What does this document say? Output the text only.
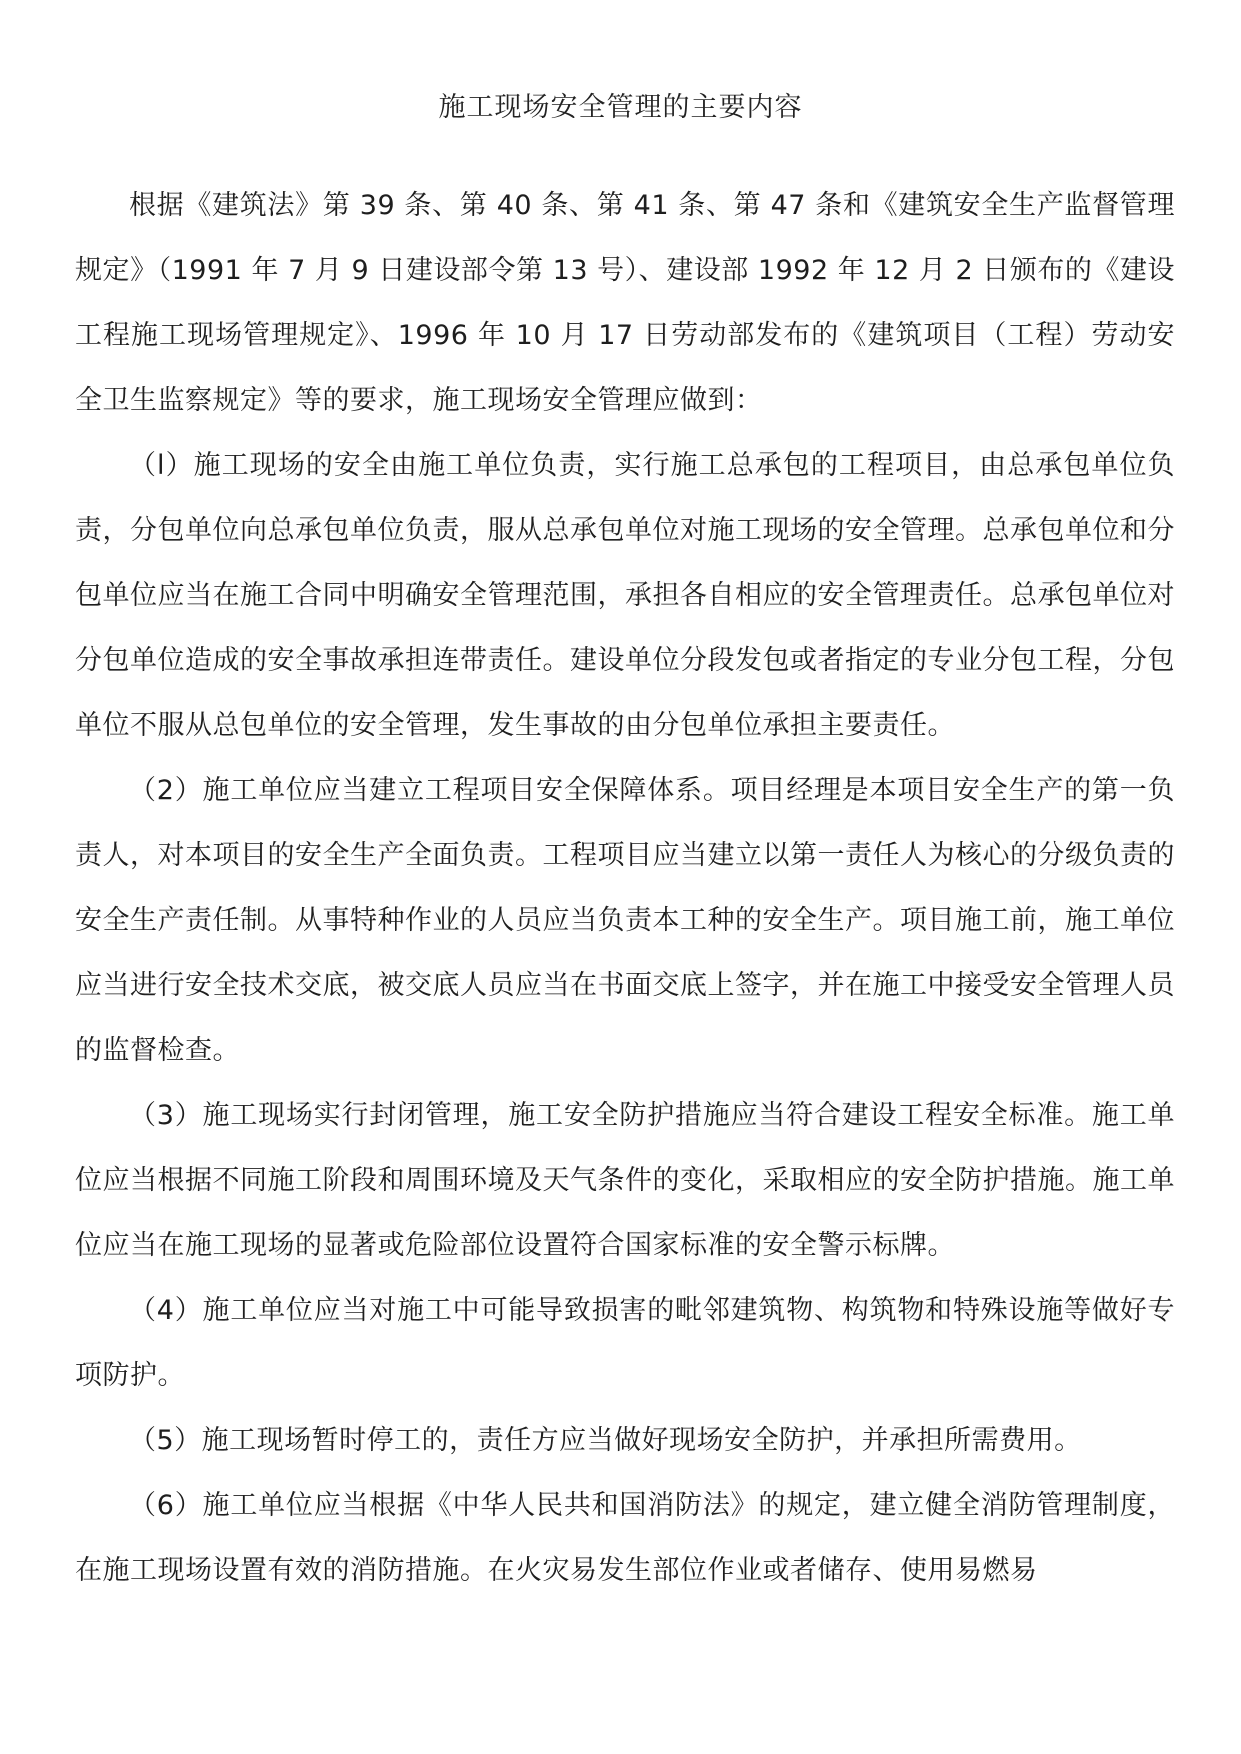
施工现场安全管理的主要内容

根据《建筑法》第 39 条、第 40 条、第 41 条、第 47 条和《建筑安全生产监督管理规定》（1991 年 7 月 9 日建设部令第 13 号）、建设部 1992 年 12 月 2 日颁布的《建设工程施工现场管理规定》、1996 年 10 月 17 日劳动部发布的《建筑项目（工程）劳动安全卫生监察规定》等的要求，施工现场安全管理应做到：

（l）施工现场的安全由施工单位负责，实行施工总承包的工程项目，由总承包单位负责，分包单位向总承包单位负责，服从总承包单位对施工现场的安全管理。总承包单位和分包单位应当在施工合同中明确安全管理范围，承担各自相应的安全管理责任。总承包单位对分包单位造成的安全事故承担连带责任。建设单位分段发包或者指定的专业分包工程，分包单位不服从总包单位的安全管理，发生事故的由分包单位承担主要责任。

（2）施工单位应当建立工程项目安全保障体系。项目经理是本项目安全生产的第一负责人，对本项目的安全生产全面负责。工程项目应当建立以第一责任人为核心的分级负责的安全生产责任制。从事特种作业的人员应当负责本工种的安全生产。项目施工前，施工单位应当进行安全技术交底，被交底人员应当在书面交底上签字，并在施工中接受安全管理人员的监督检查。

（3）施工现场实行封闭管理，施工安全防护措施应当符合建设工程安全标准。施工单位应当根据不同施工阶段和周围环境及天气条件的变化，采取相应的安全防护措施。施工单位应当在施工现场的显著或危险部位设置符合国家标准的安全警示标牌。

（4）施工单位应当对施工中可能导致损害的毗邻建筑物、构筑物和特殊设施等做好专项防护。

（5）施工现场暂时停工的，责任方应当做好现场安全防护，并承担所需费用。

（6）施工单位应当根据《中华人民共和国消防法》的规定，建立健全消防管理制度，在施工现场设置有效的消防措施。在火灾易发生部位作业或者储存、使用易燃易
